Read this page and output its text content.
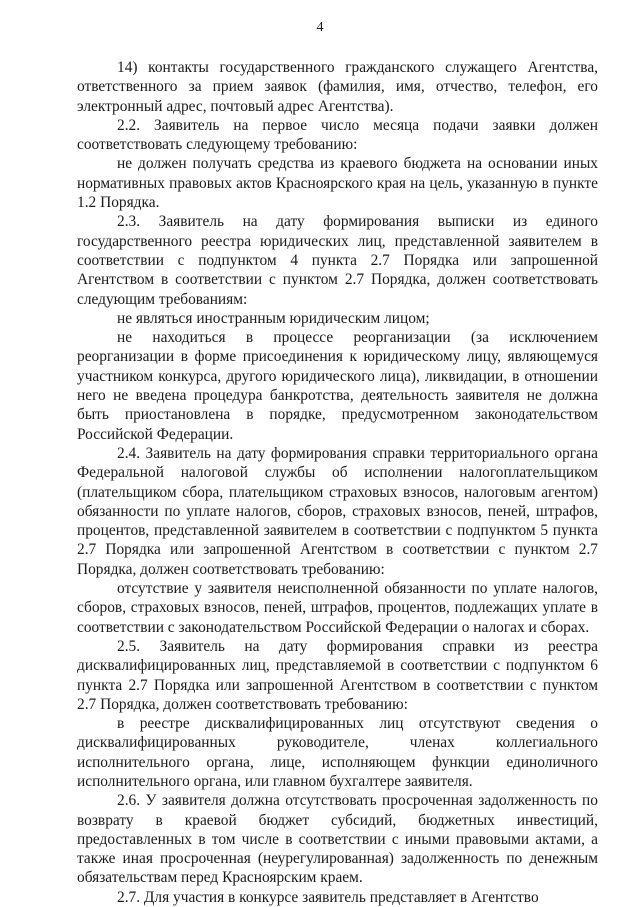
4

14) контакты государственного гражданского служащего Агентства, ответственного за прием заявок (фамилия, имя, отчество, телефон, его электронный адрес, почтовый адрес Агентства).

2.2. Заявитель на первое число месяца подачи заявки должен соответствовать следующему требованию:

не должен получать средства из краевого бюджета на основании иных нормативных правовых актов Красноярского края на цель, указанную в пункте 1.2 Порядка.

2.3. Заявитель на дату формирования выписки из единого государственного реестра юридических лиц, представленной заявителем в соответствии с подпунктом 4 пункта 2.7 Порядка или запрошенной Агентством в соответствии с пунктом 2.7 Порядка, должен соответствовать следующим требованиям:

не являться иностранным юридическим лицом;

не находиться в процессе реорганизации (за исключением реорганизации в форме присоединения к юридическому лицу, являющемуся участником конкурса, другого юридического лица), ликвидации, в отношении него не введена процедура банкротства, деятельность заявителя не должна быть приостановлена в порядке, предусмотренном законодательством Российской Федерации.

2.4. Заявитель на дату формирования справки территориального органа Федеральной налоговой службы об исполнении налогоплательщиком (плательщиком сбора, плательщиком страховых взносов, налоговым агентом) обязанности по уплате налогов, сборов, страховых взносов, пеней, штрафов, процентов, представленной заявителем в соответствии с подпунктом 5 пункта 2.7 Порядка или запрошенной Агентством в соответствии с пунктом 2.7 Порядка, должен соответствовать требованию:

отсутствие у заявителя неисполненной обязанности по уплате налогов, сборов, страховых взносов, пеней, штрафов, процентов, подлежащих уплате в соответствии с законодательством Российской Федерации о налогах и сборах.

2.5. Заявитель на дату формирования справки из реестра дисквалифицированных лиц, представляемой в соответствии с подпунктом 6 пункта 2.7 Порядка или запрошенной Агентством в соответствии с пунктом 2.7 Порядка, должен соответствовать требованию:

в реестре дисквалифицированных лиц отсутствуют сведения о дисквалифицированных руководителе, членах коллегиального исполнительного органа, лице, исполняющем функции единоличного исполнительного органа, или главном бухгалтере заявителя.

2.6. У заявителя должна отсутствовать просроченная задолженность по возврату в краевой бюджет субсидий, бюджетных инвестиций, предоставленных в том числе в соответствии с иными правовыми актами, а также иная просроченная (неурегулированная) задолженность по денежным обязательствам перед Красноярским краем.

2.7. Для участия в конкурсе заявитель представляет в Агентство
